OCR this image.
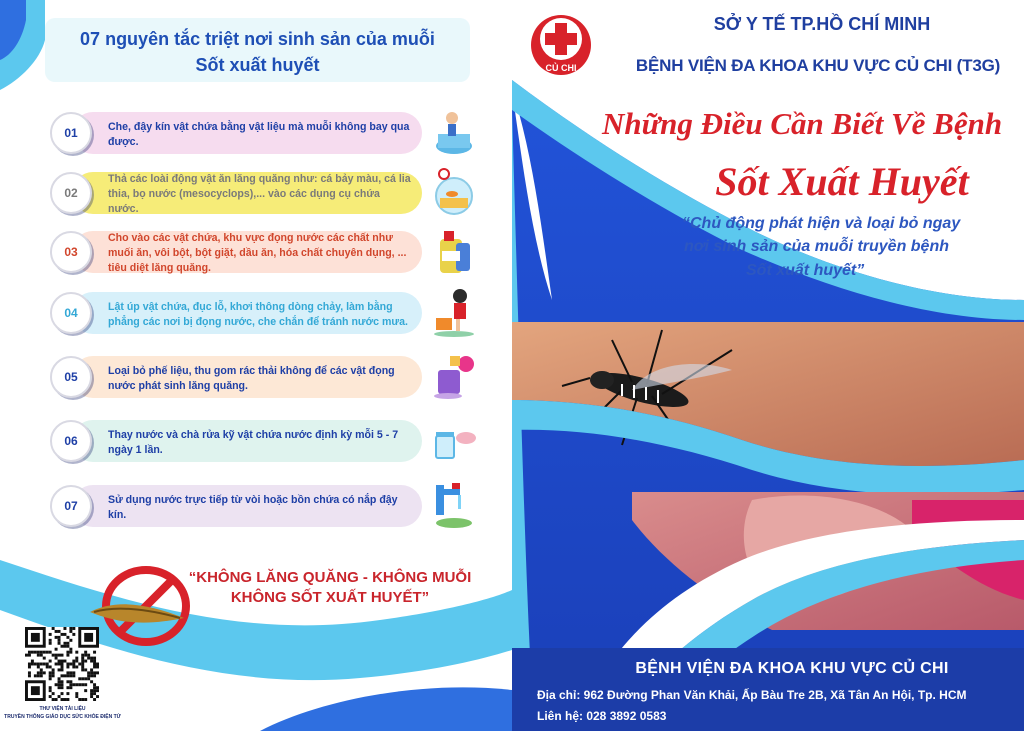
07 nguyên tắc triệt nơi sinh sản của muỗi
Sốt xuất huyết
Che, đậy kín vật chứa bằng vật liệu mà muỗi không bay qua được.
01
Thả các loài động vật ăn lăng quăng như: cá bảy màu, cá lia thia, bọ nước (mesocyclops),... vào các dụng cụ chứa nước.
02
Cho vào các vật chứa, khu vực đọng nước các chất như muối ăn, vôi bột, bột giặt, dầu ăn, hóa chất chuyên dụng, ... tiêu diệt lăng quăng.
03
Lật úp vật chứa, đục lỗ, khơi thông dòng chảy, làm bằng phẳng các nơi bị đọng nước, che chắn để tránh nước mưa.
04
Loại bỏ phế liệu, thu gom rác thải không để các vật đọng nước phát sinh lăng quăng.
05
Thay nước và chà rửa kỹ vật chứa nước định kỳ mỗi 5 - 7 ngày 1 lần.
06
Sử dụng nước trực tiếp từ vòi hoặc bồn chứa có nắp đậy kín.
07
“KHÔNG LĂNG QUĂNG - KHÔNG MUỖI
KHÔNG SỐT XUẤT HUYẾT”
THƯ VIỆN TÀI LIỆU
TRUYỀN THÔNG GIÁO DỤC SỨC KHỎE ĐIỆN TỬ
CỦ CHI
SỞ Y TẾ TP.HỒ CHÍ MINH
BỆNH VIỆN ĐA KHOA KHU VỰC CỦ CHI (T3G)
Những Điều Cần Biết Về Bệnh
Sốt Xuất Huyết
“Chủ động phát hiện và loại bỏ ngay
nơi sinh sản của muỗi truyền bệnh
Sốt xuất huyết”
BỆNH VIỆN ĐA KHOA KHU VỰC CỦ CHI
Địa chỉ: 962 Đường Phan Văn Khải, Ấp Bàu Tre 2B, Xã Tân An Hội, Tp. HCM
Liên hệ: 028 3892 0583
